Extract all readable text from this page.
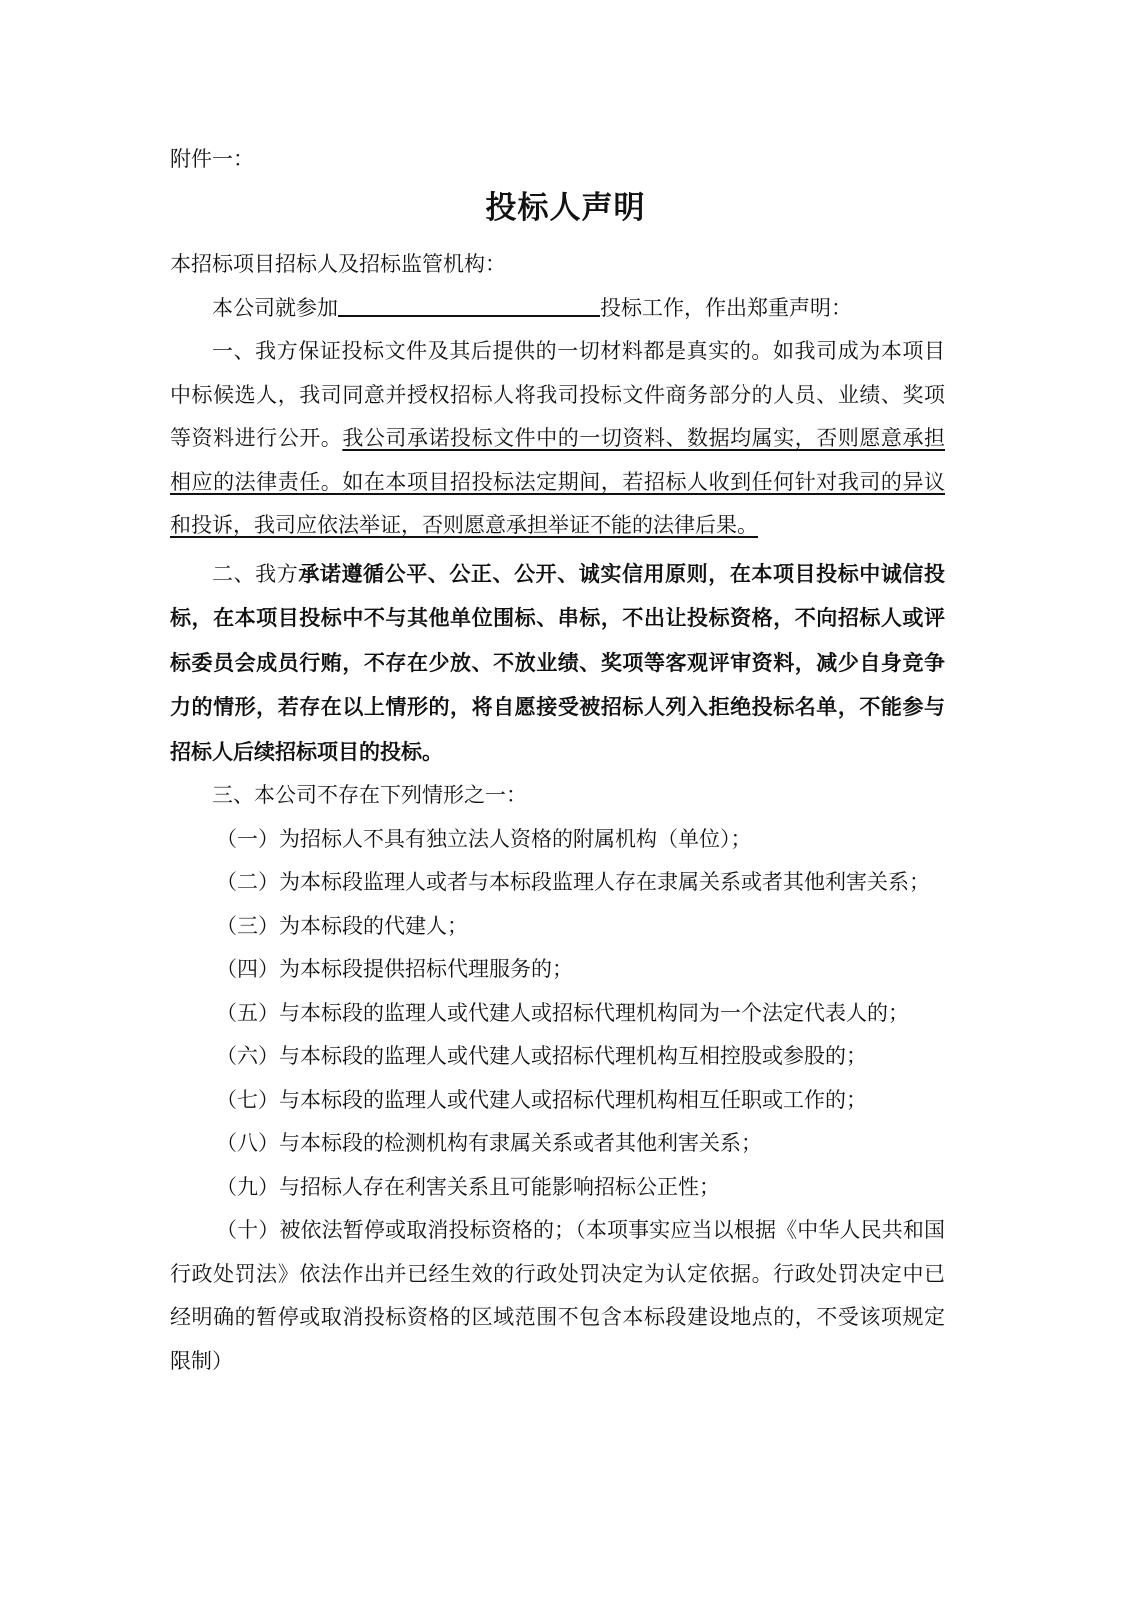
附件一：
投标人声明

本招标项目招标人及招标监管机构：

本公司就参加	投标工作，作出郑重声明：

一、我方保证投标文件及其后提供的一切材料都是真实的。如我司成为本项目中标候选人，我司同意并授权招标人将我司投标文件商务部分的人员、业绩、奖项等资料进行公开。我公司承诺投标文件中的一切资料、数据均属实，否则愿意承担相应的法律责任。如在本项目招投标法定期间，若招标人收到任何针对我司的异议和投诉，我司应依法举证，否则愿意承担举证不能的法律后果。

二、我方承诺遵循公平、公正、公开、诚实信用原则，在本项目投标中诚信投标，在本项目投标中不与其他单位围标、串标，不出让投标资格，不向招标人或评标委员会成员行贿，不存在少放、不放业绩、奖项等客观评审资料，减少自身竞争力的情形，若存在以上情形的，将自愿接受被招标人列入拒绝投标名单，不能参与招标人后续招标项目的投标。

三、本公司不存在下列情形之一：

（一）为招标人不具有独立法人资格的附属机构（单位）；

（二）为本标段监理人或者与本标段监理人存在隶属关系或者其他利害关系；

（三）为本标段的代建人；

（四）为本标段提供招标代理服务的；

（五）与本标段的监理人或代建人或招标代理机构同为一个法定代表人的；

（六）与本标段的监理人或代建人或招标代理机构互相控股或参股的；

（七）与本标段的监理人或代建人或招标代理机构相互任职或工作的；

（八）与本标段的检测机构有隶属关系或者其他利害关系；

（九）与招标人存在利害关系且可能影响招标公正性；

（十）被依法暂停或取消投标资格的；（本项事实应当以根据《中华人民共和国行政处罚法》依法作出并已经生效的行政处罚决定为认定依据。行政处罚决定中已经明确的暂停或取消投标资格的区域范围不包含本标段建设地点的，不受该项规定限制）
